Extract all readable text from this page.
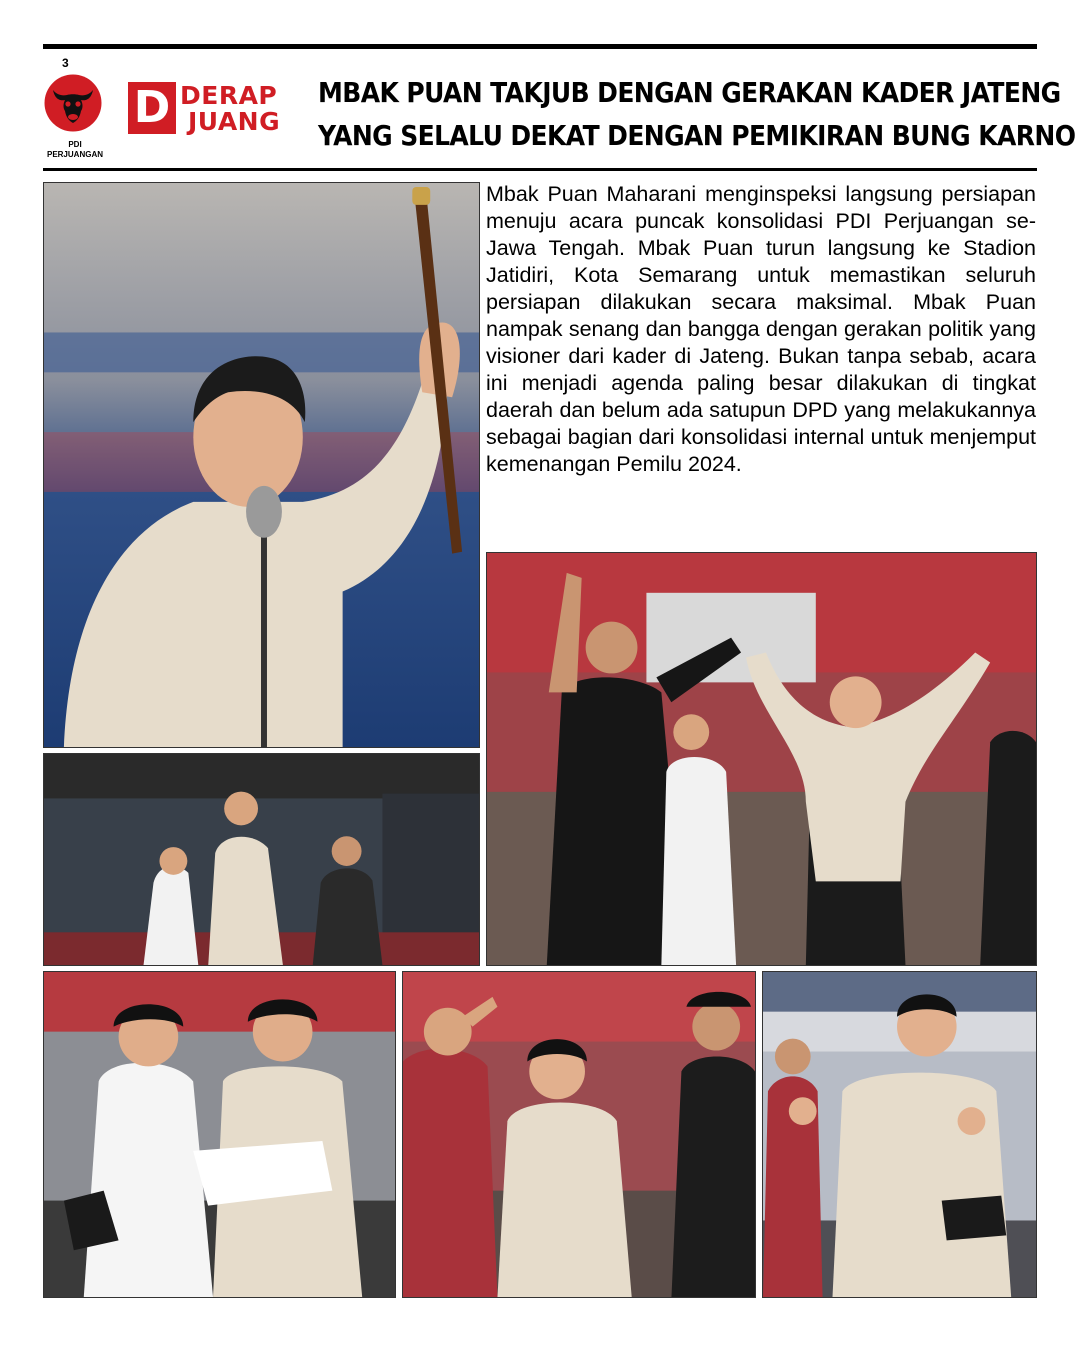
3
PDI
PERJUANGAN
D DERAP
JUANG
MBAK PUAN TAKJUB DENGAN GERAKAN KADER JATENG
YANG SELALU DEKAT DENGAN PEMIKIRAN BUNG KARNO

Mbak Puan Maharani menginspeksi langsung persiapan menuju acara puncak konsolidasi PDI Perjuangan se-Jawa Tengah. Mbak Puan turun langsung ke Stadion Jatidiri, Kota Semarang untuk memastikan seluruh persiapan dilakukan secara maksimal. Mbak Puan nampak senang dan bangga dengan gerakan politik yang visioner dari kader di Jateng. Bukan tanpa sebab, acara ini menjadi agenda paling besar dilakukan di tingkat daerah dan belum ada satupun DPD yang melakukannya sebagai bagian dari konsolidasi internal untuk menjemput kemenangan Pemilu 2024.
